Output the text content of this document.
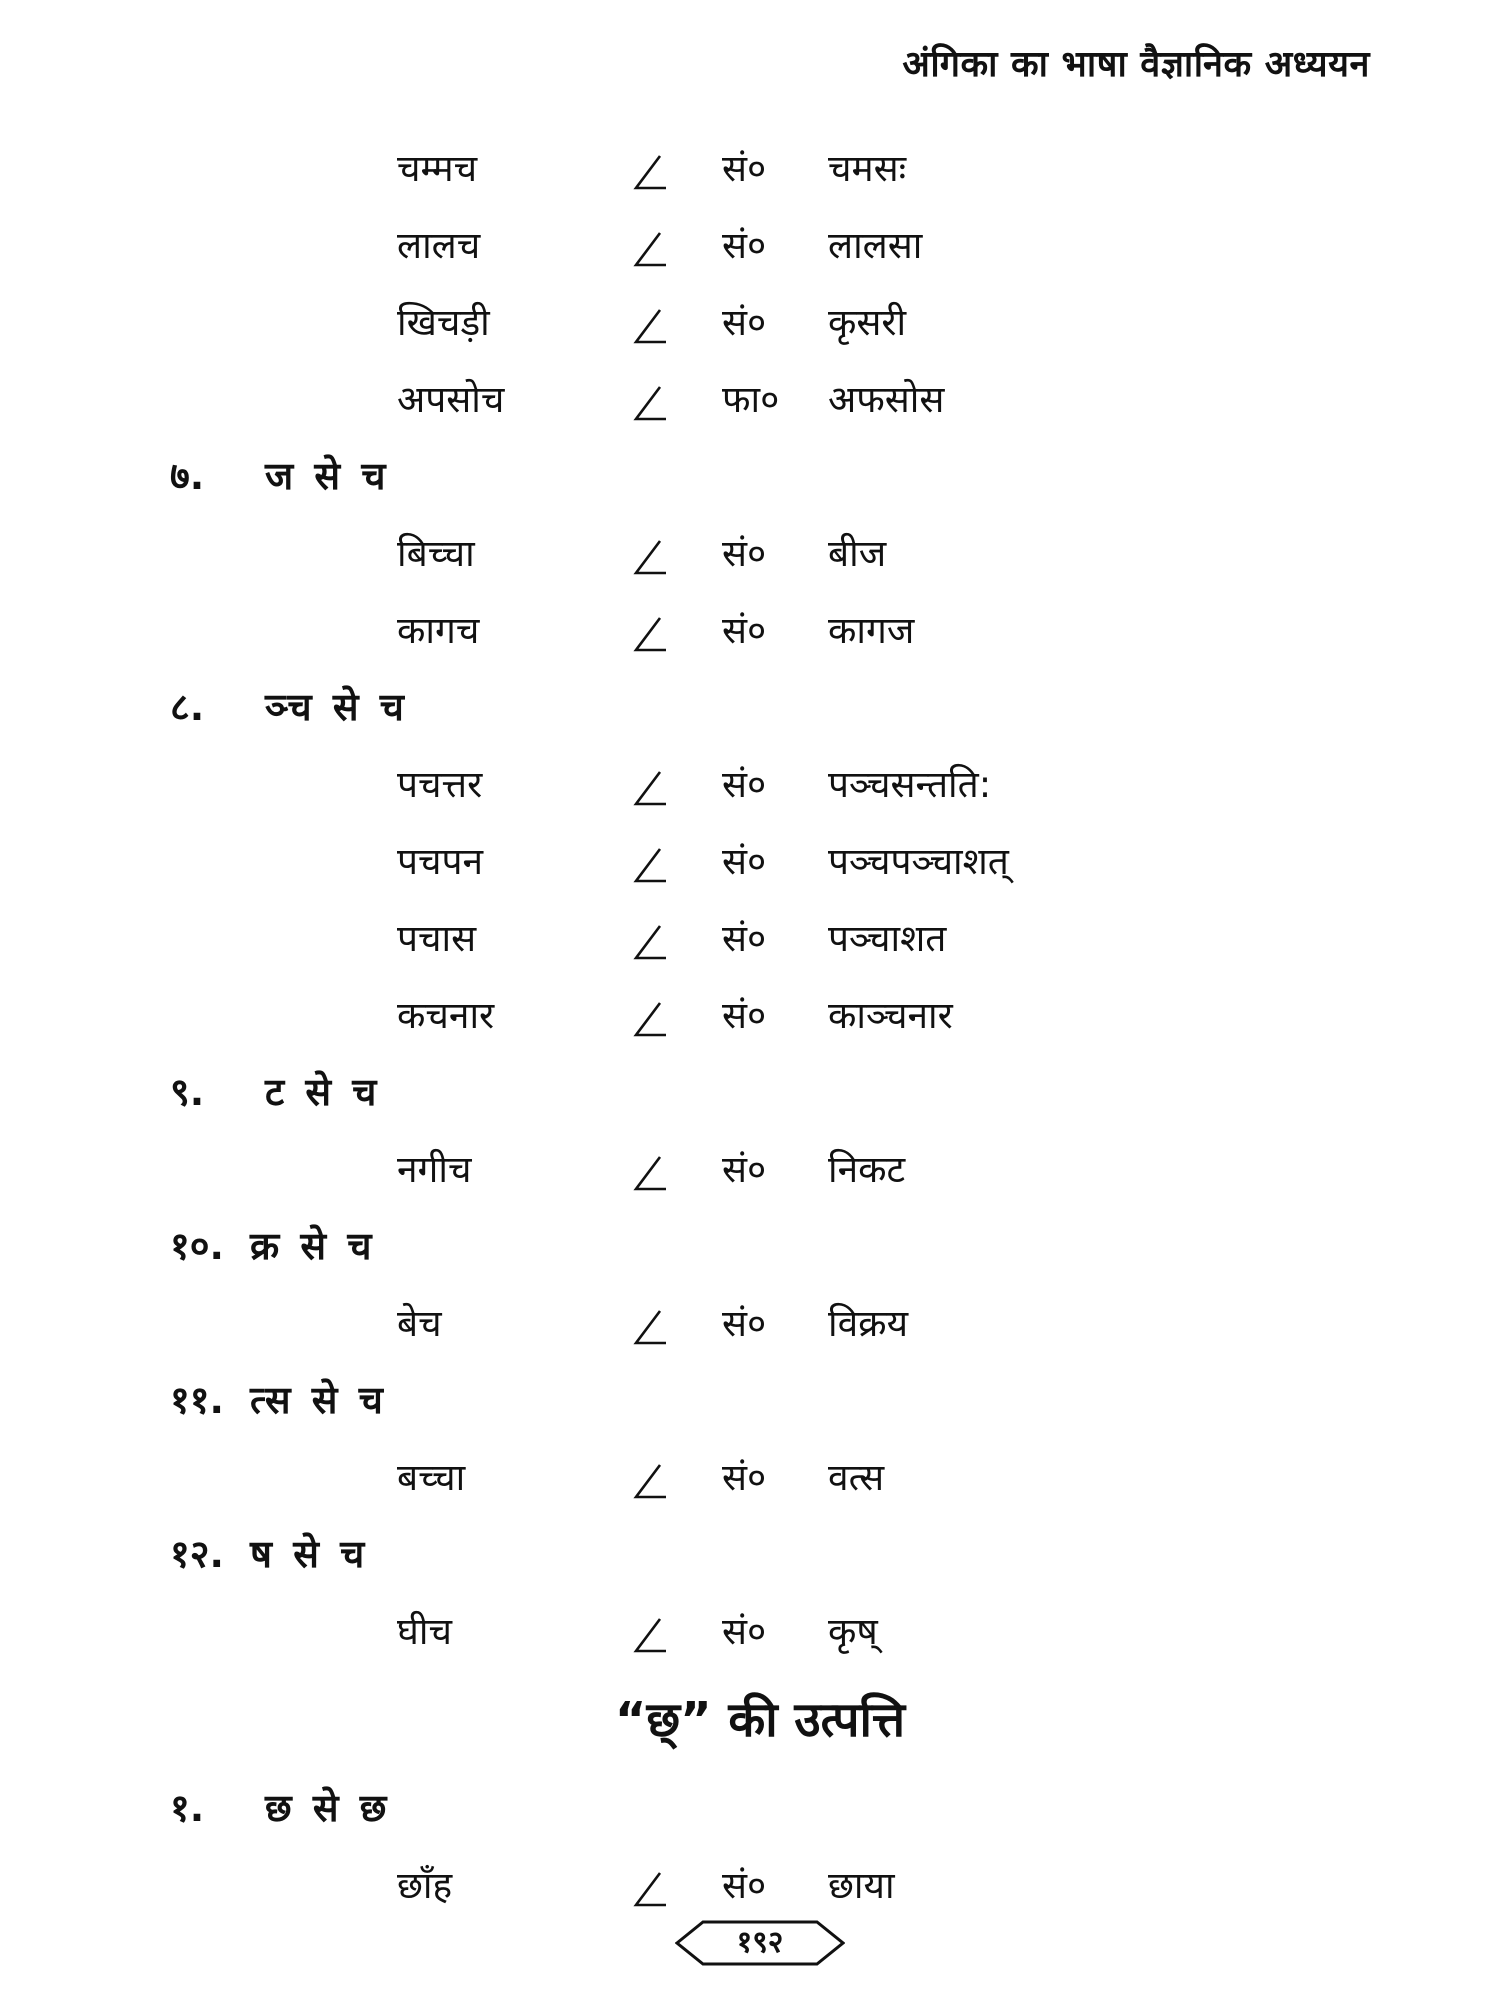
अंगिका का भाषा वैज्ञानिक अध्ययन
चम्मच	सं० चमसः
लालच	सं० लालसा
खिचड़ी	सं० कृसरी
अपसोच	फा० अफसोस
७. ज से च
बिच्चा	सं० बीज
कागच	सं० कागज
८. ञ्च से च
पचत्तर	सं० पञ्चसन्तति:
पचपन	सं० पञ्चपञ्चाशत्
पचास	सं० पञ्चाशत
कचनार	सं० काञ्चनार
९. ट से च
नगीच	सं० निकट
१०. क्र से च
बेच	सं० विक्रय
११. त्स से च
बच्चा	सं० वत्स
१२. ष से च
घीच	सं० कृष्
“छ्” की उत्पत्ति
१. छ से छ
छाँह	सं० छाया
१९२
